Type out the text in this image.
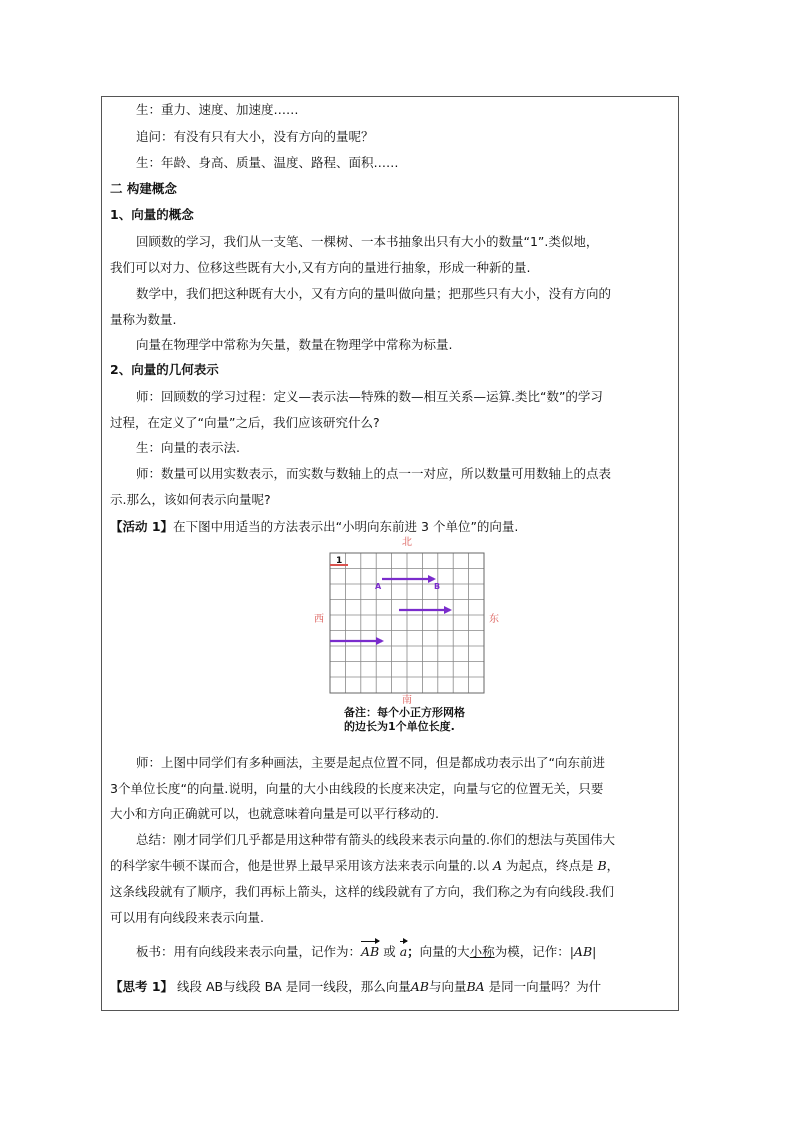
生：重力、速度、加速度……
追问：有没有只有大小，没有方向的量呢？
生：年龄、身高、质量、温度、路程、面积……
二 构建概念
1、向量的概念
回顾数的学习，我们从一支笔、一棵树、一本书抽象出只有大小的数量“1”.类似地，
我们可以对力、位移这些既有大小,又有方向的量进行抽象，形成一种新的量.
数学中，我们把这种既有大小，又有方向的量叫做向量；把那些只有大小，没有方向的
量称为数量.
向量在物理学中常称为矢量，数量在物理学中常称为标量.
2、向量的几何表示
师：回顾数的学习过程：定义—表示法—特殊的数—相互关系—运算.类比“数”的学习
过程，在定义了“向量”之后，我们应该研究什么?
生：向量的表示法.
师：数量可以用实数表示，而实数与数轴上的点一一对应，所以数量可用数轴上的点表
示.那么，该如何表示向量呢?
【活动 1】在下图中用适当的方法表示出“小明向东前进 3 个单位”的向量.
北
南
西	东
1
A	B
备注：每个小正方形网格
的边长为1个单位长度.
师：上图中同学们有多种画法，主要是起点位置不同，但是都成功表示出了“向东前进
3个单位长度“的向量.说明，向量的大小由线段的长度来决定，向量与它的位置无关，只要
大小和方向正确就可以，也就意味着向量是可以平行移动的.
总结：刚才同学们几乎都是用这种带有箭头的线段来表示向量的.你们的想法与英国伟大
的科学家牛顿不谋而合，他是世界上最早采用该方法来表示向量的.以 A 为起点，终点是 B，
这条线段就有了顺序，我们再标上箭头，这样的线段就有了方向，我们称之为有向线段.我们
可以用有向线段来表示向量.
板书：用有向线段来表示向量，记作为：AB 或 a；向量的大小称为模，记作：|AB|
【思考 1】 线段 AB与线段 BA 是同一线段，那么向量AB与向量BA 是同一向量吗？为什
